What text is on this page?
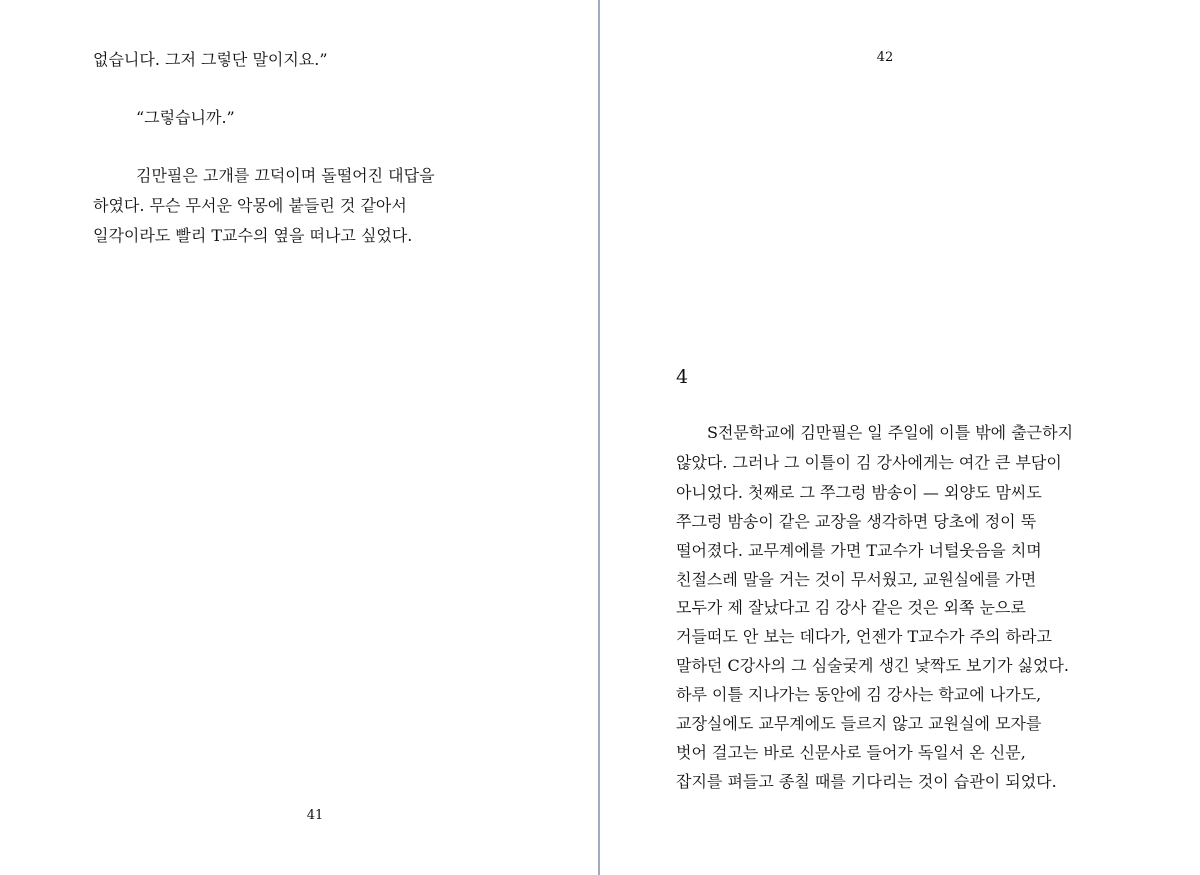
없습니다. 그저 그렇단 말이지요.”

“그렇습니까.”

김만필은 고개를 끄덕이며 돌떨어진 대답을

하였다. 무슨 무서운 악몽에 붙들린 것 같아서

일각이라도 빨리 T교수의 옆을 떠나고 싶었다.

41

42

4

S전문학교에 김만필은 일 주일에 이틀 밖에 출근하지

않았다. 그러나 그 이틀이 김 강사에게는 여간 큰 부담이

아니었다. 첫째로 그 쭈그렁 밤송이 — 외양도 맘씨도

쭈그렁 밤송이 같은 교장을 생각하면 당초에 정이 뚝

떨어졌다. 교무계에를 가면 T교수가 너털웃음을 치며

친절스레 말을 거는 것이 무서웠고, 교원실에를 가면

모두가 제 잘났다고 김 강사 같은 것은 외쪽 눈으로

거들떠도 안 보는 데다가, 언젠가 T교수가 주의 하라고

말하던 C강사의 그 심술궂게 생긴 낯짝도 보기가 싫었다.

하루 이틀 지나가는 동안에 김 강사는 학교에 나가도,

교장실에도 교무계에도 들르지 않고 교원실에 모자를

벗어 걸고는 바로 신문사로 들어가 독일서 온 신문,

잡지를 펴들고 종칠 때를 기다리는 것이 습관이 되었다.
